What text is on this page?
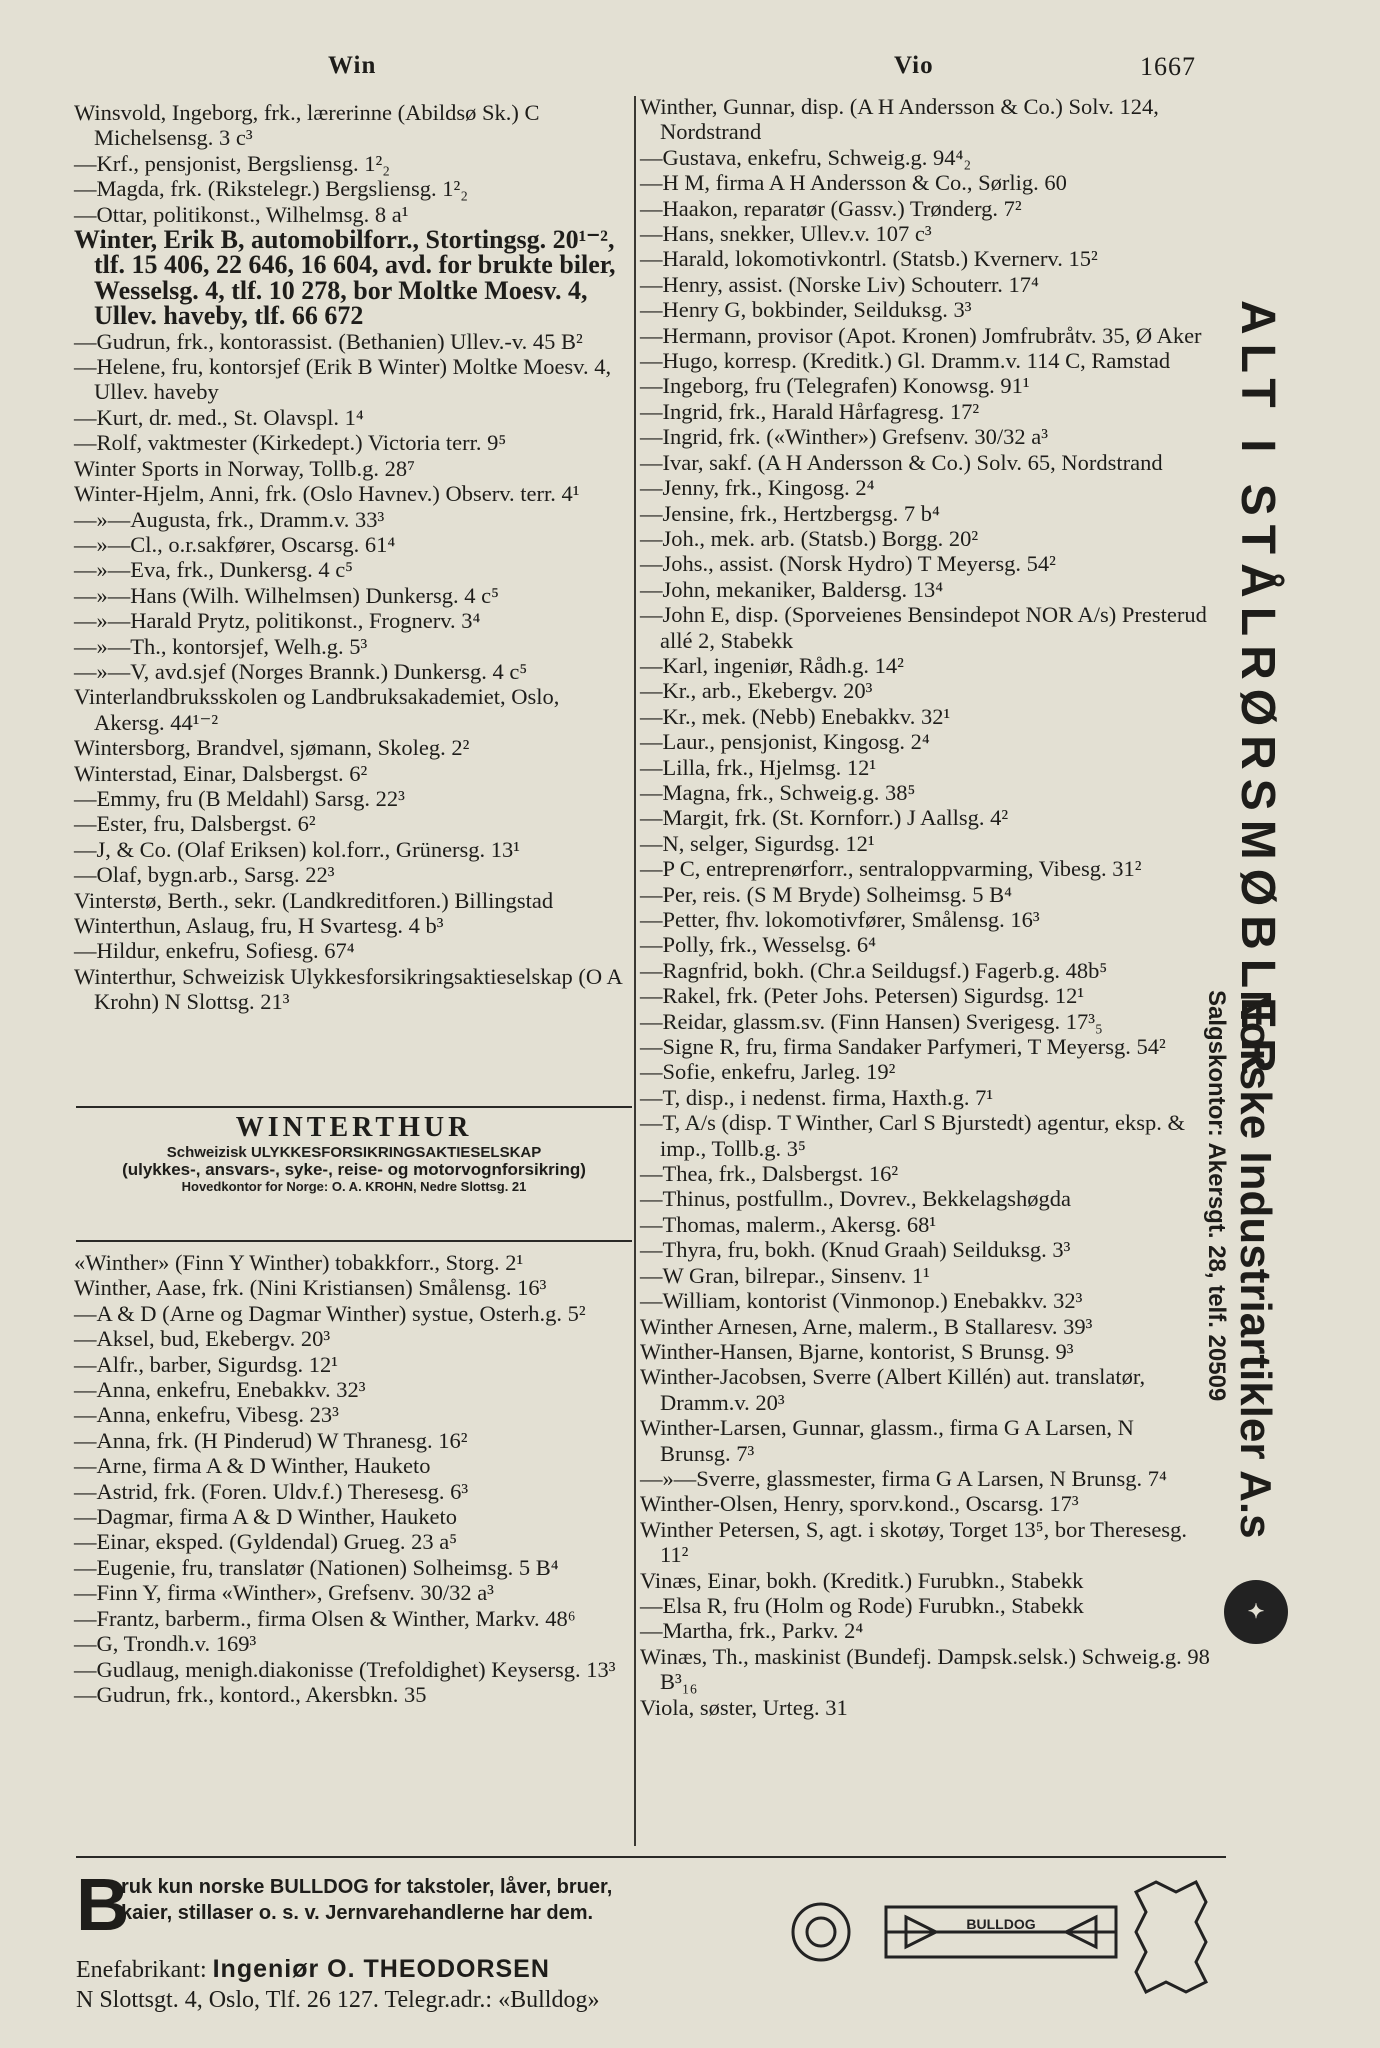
Win	Vio	1667
Winsvold, Ingeborg, frk., lærerinne (Abildsø Sk.) C Michelsensg. 3 c³
—Krf., pensjonist, Bergsliensg. 1²₂
—Magda, frk. (Rikstelegr.) Bergsliensg. 1²₂
—Ottar, politikonst., Wilhelmsg. 8 a¹
Winter, Erik B, automobilforr., Stortingsg. 20¹⁻², tlf. 15 406, 22 646, 16 604, avd. for brukte biler, Wesselsg. 4, tlf. 10 278, bor Moltke Moesv. 4, Ullev. haveby, tlf. 66 672
—Gudrun, frk., kontorassist. (Bethanien) Ullev.-v. 45 B²
—Helene, fru, kontorsjef (Erik B Winter) Moltke Moesv. 4, Ullev. haveby
—Kurt, dr. med., St. Olavspl. 1⁴
—Rolf, vaktmester (Kirkedept.) Victoria terr. 9⁵
Winter Sports in Norway, Tollb.g. 28⁷
Winter-Hjelm, Anni, frk. (Oslo Havnev.) Observ. terr. 4¹
—»—Augusta, frk., Dramm.v. 33³
—»—Cl., o.r.sakfører, Oscarsg. 61⁴
—»—Eva, frk., Dunkersg. 4 c⁵
—»—Hans (Wilh. Wilhelmsen) Dunkersg. 4 c⁵
—»—Harald Prytz, politikonst., Frognerv. 3⁴
—»—Th., kontorsjef, Welh.g. 5³
—»—V, avd.sjef (Norges Brannk.) Dunkersg. 4 c⁵
Vinterlandbruksskolen og Landbruksakademiet, Oslo, Akersg. 44¹⁻²
Wintersborg, Brandvel, sjømann, Skoleg. 2²
Winterstad, Einar, Dalsbergst. 6²
—Emmy, fru (B Meldahl) Sarsg. 22³
—Ester, fru, Dalsbergst. 6²
—J, & Co. (Olaf Eriksen) kol.forr., Grünersg. 13¹
—Olaf, bygn.arb., Sarsg. 22³
Vinterstø, Berth., sekr. (Landkreditforen.) Billingstad
Winterthun, Aslaug, fru, H Svartesg. 4 b³
—Hildur, enkefru, Sofiesg. 67⁴
Winterthur, Schweizisk Ulykkesforsikringsaktieselskap (O A Krohn) N Slottsg. 21³
WINTERTHUR
Schweizisk ULYKKESFORSIKRINGSAKTIESELSKAP
(ulykkes-, ansvars-, syke-, reise- og motorvognforsikring)
Hovedkontor for Norge: O. A. KROHN, Nedre Slottsg. 21
«Winther» (Finn Y Winther) tobakkforr., Storg. 2¹
Winther, Aase, frk. (Nini Kristiansen) Smålensg. 16³
—A & D (Arne og Dagmar Winther) systue, Osterh.g. 5²
—Aksel, bud, Ekebergv. 20³
—Alfr., barber, Sigurdsg. 12¹
—Anna, enkefru, Enebakkv. 32³
—Anna, enkefru, Vibesg. 23³
—Anna, frk. (H Pinderud) W Thranesg. 16²
—Arne, firma A & D Winther, Hauketo
—Astrid, frk. (Foren. Uldv.f.) Theresesg. 6³
—Dagmar, firma A & D Winther, Hauketo
—Einar, eksped. (Gyldendal) Grueg. 23 a⁵
—Eugenie, fru, translatør (Nationen) Solheimsg. 5 B⁴
—Finn Y, firma «Winther», Grefsenv. 30/32 a³
—Frantz, barberm., firma Olsen & Winther, Markv. 48⁶
—G, Trondh.v. 169³
—Gudlaug, menigh.diakonisse (Trefoldighet) Keysersg. 13³
—Gudrun, frk., kontord., Akersbkn. 35
Winther, Gunnar, disp. (A H Andersson & Co.) Solv. 124, Nordstrand
—Gustava, enkefru, Schweig.g. 94⁴₂
—H M, firma A H Andersson & Co., Sørlig. 60
—Haakon, reparatør (Gassv.) Trønderg. 7²
—Hans, snekker, Ullev.v. 107 c³
—Harald, lokomotivkontrl. (Statsb.) Kvernerv. 15²
—Henry, assist. (Norske Liv) Schouterr. 17⁴
—Henry G, bokbinder, Seilduksg. 3³
—Hermann, provisor (Apot. Kronen) Jomfrubråtv. 35, Ø Aker
—Hugo, korresp. (Kreditk.) Gl. Dramm.v. 114 C, Ramstad
—Ingeborg, fru (Telegrafen) Konowsg. 91¹
—Ingrid, frk., Harald Hårfagresg. 17²
—Ingrid, frk. («Winther») Grefsenv. 30/32 a³
—Ivar, sakf. (A H Andersson & Co.) Solv. 65, Nordstrand
—Jenny, frk., Kingosg. 2⁴
—Jensine, frk., Hertzbergsg. 7 b⁴
—Joh., mek. arb. (Statsb.) Borgg. 20²
—Johs., assist. (Norsk Hydro) T Meyersg. 54²
—John, mekaniker, Baldersg. 13⁴
—John E, disp. (Sporveienes Bensindepot NOR A/s) Presterud allé 2, Stabekk
—Karl, ingeniør, Rådh.g. 14²
—Kr., arb., Ekebergv. 20³
—Kr., mek. (Nebb) Enebakkv. 32¹
—Laur., pensjonist, Kingosg. 2⁴
—Lilla, frk., Hjelmsg. 12¹
—Magna, frk., Schweig.g. 38⁵
—Margit, frk. (St. Kornforr.) J Aallsg. 4²
—N, selger, Sigurdsg. 12¹
—P C, entreprenørforr., sentraloppvarming, Vibesg. 31²
—Per, reis. (S M Bryde) Solheimsg. 5 B⁴
—Petter, fhv. lokomotivfører, Smålensg. 16³
—Polly, frk., Wesselsg. 6⁴
—Ragnfrid, bokh. (Chr.a Seildugsf.) Fagerb.g. 48b⁵
—Rakel, frk. (Peter Johs. Petersen) Sigurdsg. 12¹
—Reidar, glassm.sv. (Finn Hansen) Sverigesg. 17³₅
—Signe R, fru, firma Sandaker Parfymeri, T Meyersg. 54²
—Sofie, enkefru, Jarleg. 19²
—T, disp., i nedenst. firma, Haxth.g. 7¹
—T, A/s (disp. T Winther, Carl S Bjurstedt) agentur, eksp. & imp., Tollb.g. 3⁵
—Thea, frk., Dalsbergst. 16²
—Thinus, postfullm., Dovrev., Bekkelagshøgda
—Thomas, malerm., Akersg. 68¹
—Thyra, fru, bokh. (Knud Graah) Seilduksg. 3³
—W Gran, bilrepar., Sinsenv. 1¹
—William, kontorist (Vinmonop.) Enebakkv. 32³
Winther Arnesen, Arne, malerm., B Stallaresv. 39³
Winther-Hansen, Bjarne, kontorist, S Brunsg. 9³
Winther-Jacobsen, Sverre (Albert Killén) aut. translatør, Dramm.v. 20³
Winther-Larsen, Gunnar, glassm., firma G A Larsen, N Brunsg. 7³
—»—Sverre, glassmester, firma G A Larsen, N Brunsg. 7⁴
Winther-Olsen, Henry, sporv.kond., Oscarsg. 17³
Winther Petersen, S, agt. i skotøy, Torget 13⁵, bor Theresesg. 11²
Vinæs, Einar, bokh. (Kreditk.) Furubkn., Stabekk
—Elsa R, fru (Holm og Rode) Furubkn., Stabekk
—Martha, frk., Parkv. 2⁴
Winæs, Th., maskinist (Bundefj. Dampsk.selsk.) Schweig.g. 98 B³₁₆
Viola, søster, Urteg. 31
ALT I STÅLRØRSMØBLER
Norske Industriartikler A.s
Salgskontor: Akersgt. 28, telf. 20509
✦
B
ruk kun norske BULLDOG for takstoler, låver, bruer,
kaier, stillaser o. s. v. Jernvarehandlerne har dem.
Enefabrikant: Ingeniør O. THEODORSEN
N Slottsgt. 4, Oslo, Tlf. 26 127. Telegr.adr.: «Bulldog»
BULLDOG
